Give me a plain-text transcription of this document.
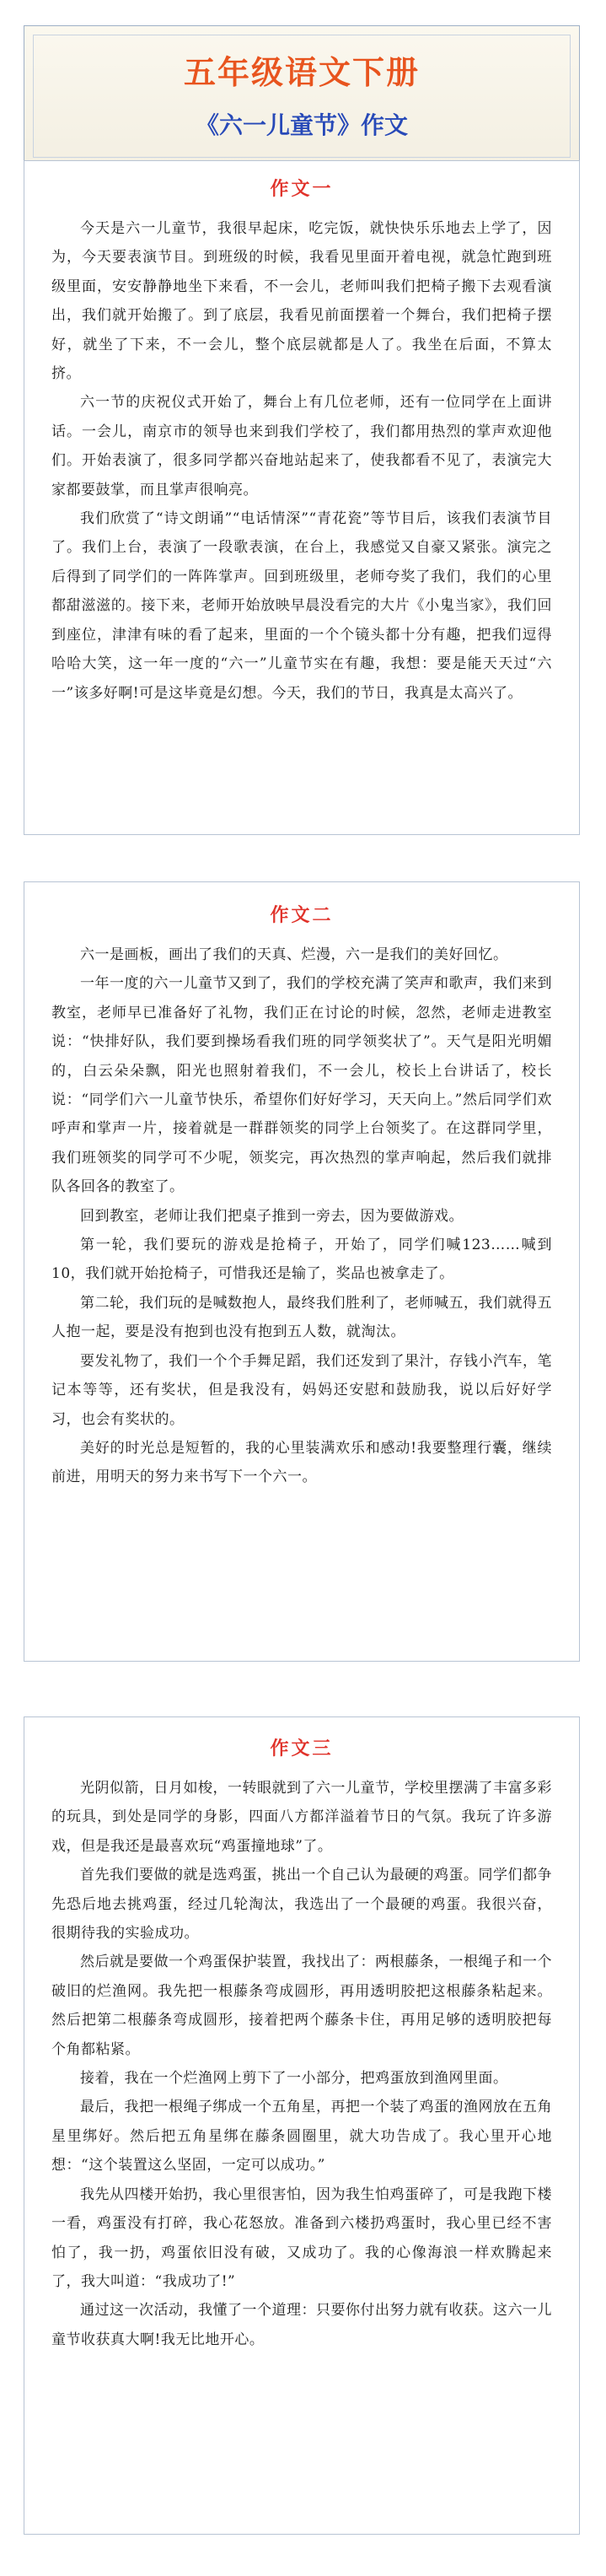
五年级语文下册
《六一儿童节》作文
作文一

今天是六一儿童节，我很早起床，吃完饭，就快快乐乐地去上学了，因为，今天要表演节目。到班级的时候，我看见里面开着电视，就急忙跑到班级里面，安安静静地坐下来看，不一会儿，老师叫我们把椅子搬下去观看演出，我们就开始搬了。到了底层，我看见前面摆着一个舞台，我们把椅子摆好，就坐了下来，不一会儿，整个底层就都是人了。我坐在后面，不算太挤。

六一节的庆祝仪式开始了，舞台上有几位老师，还有一位同学在上面讲话。一会儿，南京市的领导也来到我们学校了，我们都用热烈的掌声欢迎他们。开始表演了，很多同学都兴奋地站起来了，使我都看不见了，表演完大家都要鼓掌，而且掌声很响亮。

我们欣赏了“诗文朗诵”“电话情深”“青花瓷”等节目后，该我们表演节目了。我们上台，表演了一段歌表演，在台上，我感觉又自豪又紧张。演完之后得到了同学们的一阵阵掌声。回到班级里，老师夸奖了我们，我们的心里都甜滋滋的。接下来，老师开始放映早晨没看完的大片《小鬼当家》，我们回到座位，津津有味的看了起来，里面的一个个镜头都十分有趣，把我们逗得哈哈大笑，这一年一度的“六一”儿童节实在有趣，我想：要是能天天过“六一”该多好啊!可是这毕竟是幻想。今天，我们的节日，我真是太高兴了。

作文二

六一是画板，画出了我们的天真、烂漫，六一是我们的美好回忆。

一年一度的六一儿童节又到了，我们的学校充满了笑声和歌声，我们来到教室，老师早已准备好了礼物，我们正在讨论的时候，忽然，老师走进教室说：“快排好队，我们要到操场看我们班的同学领奖状了”。天气是阳光明媚的，白云朵朵飘，阳光也照射着我们，不一会儿，校长上台讲话了，校长说：“同学们六一儿童节快乐，希望你们好好学习，天天向上。”然后同学们欢呼声和掌声一片，接着就是一群群领奖的同学上台领奖了。在这群同学里，我们班领奖的同学可不少呢，领奖完，再次热烈的掌声响起，然后我们就排队各回各的教室了。

回到教室，老师让我们把桌子推到一旁去，因为要做游戏。

第一轮，我们要玩的游戏是抢椅子，开始了，同学们喊123……喊到10，我们就开始抢椅子，可惜我还是输了，奖品也被拿走了。

第二轮，我们玩的是喊数抱人，最终我们胜利了，老师喊五，我们就得五人抱一起，要是没有抱到也没有抱到五人数，就淘汰。

要发礼物了，我们一个个手舞足蹈，我们还发到了果汁，存钱小汽车，笔记本等等，还有奖状，但是我没有，妈妈还安慰和鼓励我，说以后好好学习，也会有奖状的。

美好的时光总是短暂的，我的心里装满欢乐和感动!我要整理行囊，继续前进，用明天的努力来书写下一个六一。

作文三

光阴似箭，日月如梭，一转眼就到了六一儿童节，学校里摆满了丰富多彩的玩具，到处是同学的身影，四面八方都洋溢着节日的气氛。我玩了许多游戏，但是我还是最喜欢玩“鸡蛋撞地球”了。

首先我们要做的就是选鸡蛋，挑出一个自己认为最硬的鸡蛋。同学们都争先恐后地去挑鸡蛋，经过几轮淘汰，我选出了一个最硬的鸡蛋。我很兴奋，很期待我的实验成功。

然后就是要做一个鸡蛋保护装置，我找出了：两根藤条，一根绳子和一个破旧的烂渔网。我先把一根藤条弯成圆形，再用透明胶把这根藤条粘起来。然后把第二根藤条弯成圆形，接着把两个藤条卡住，再用足够的透明胶把每个角都粘紧。

接着，我在一个烂渔网上剪下了一小部分，把鸡蛋放到渔网里面。

最后，我把一根绳子绑成一个五角星，再把一个装了鸡蛋的渔网放在五角星里绑好。然后把五角星绑在藤条圆圈里，就大功告成了。我心里开心地想：“这个装置这么坚固，一定可以成功。”

我先从四楼开始扔，我心里很害怕，因为我生怕鸡蛋碎了，可是我跑下楼一看，鸡蛋没有打碎，我心花怒放。准备到六楼扔鸡蛋时，我心里已经不害怕了，我一扔，鸡蛋依旧没有破，又成功了。我的心像海浪一样欢腾起来了，我大叫道：“我成功了!”

通过这一次活动，我懂了一个道理：只要你付出努力就有收获。这六一儿童节收获真大啊!我无比地开心。
